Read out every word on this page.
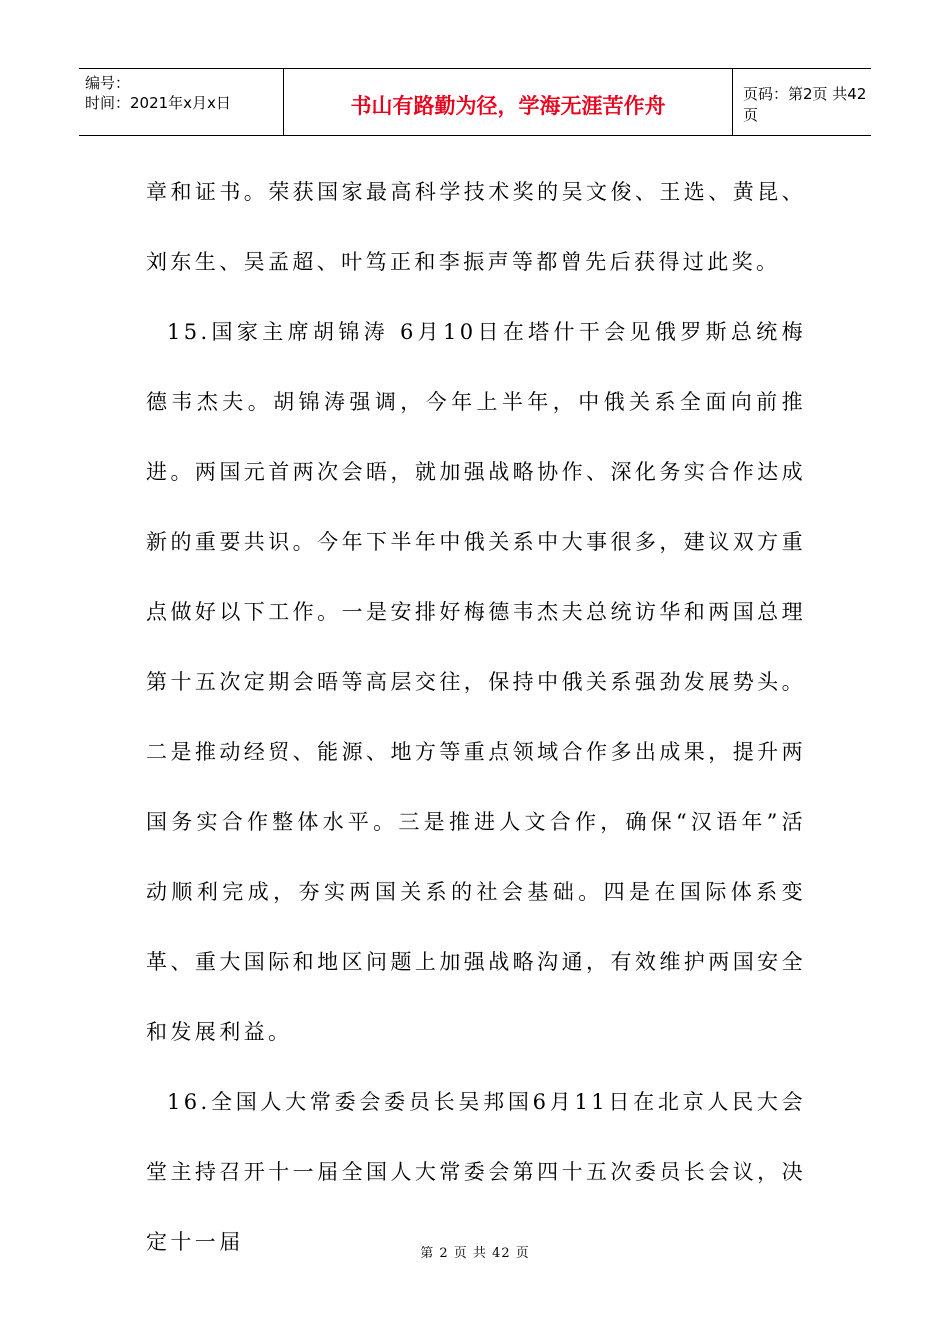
编号：
时间：2021年x月x日	书山有路勤为径，学海无涯苦作舟	页码：第2页 共42页

章和证书。荣获国家最高科学技术奖的吴文俊、王选、黄昆、刘东生、吴孟超、叶笃正和李振声等都曾先后获得过此奖。

15.国家主席胡锦涛 6月10日在塔什干会见俄罗斯总统梅德韦杰夫。胡锦涛强调，今年上半年，中俄关系全面向前推进。两国元首两次会晤，就加强战略协作、深化务实合作达成新的重要共识。今年下半年中俄关系中大事很多，建议双方重点做好以下工作。一是安排好梅德韦杰夫总统访华和两国总理第十五次定期会晤等高层交往，保持中俄关系强劲发展势头。二是推动经贸、能源、地方等重点领域合作多出成果，提升两国务实合作整体水平。三是推进人文合作，确保“汉语年”活动顺利完成，夯实两国关系的社会基础。四是在国际体系变革、重大国际和地区问题上加强战略沟通，有效维护两国安全和发展利益。

16.全国人大常委会委员长吴邦国6月11日在北京人民大会堂主持召开十一届全国人大常委会第四十五次委员长会议，决定十一届	第 2 页 共 42 页
